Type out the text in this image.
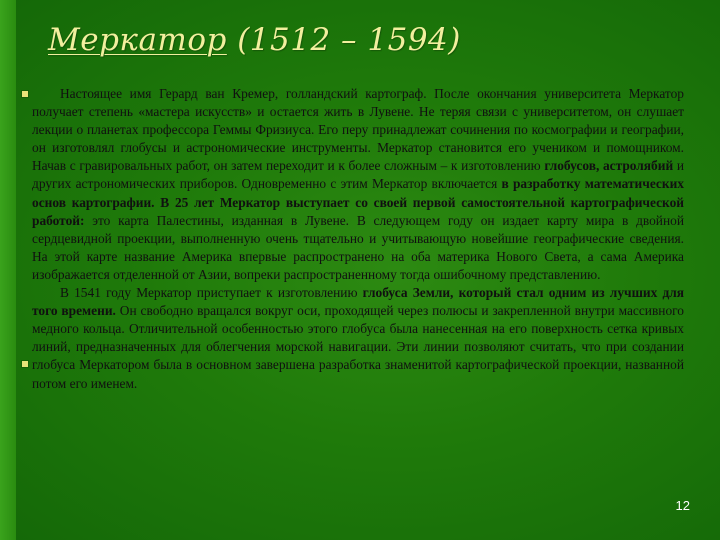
Меркатор (1512 – 1594)

Настоящее имя Герард ван Кремер, голландский картограф. После окончания университета Меркатор получает степень «мастера искусств» и остается жить в Лувене. Не теряя связи с университетом, он слушает лекции о планетах профессора Геммы Фризиуса. Его перу принадлежат сочинения по космографии и географии, он изготовлял глобусы и астрономические инструменты. Меркатор становится его учеником и помощником. Начав с гравировальных работ, он затем переходит и к более сложным – к изготовлению глобусов, астролябий и других астрономических приборов. Одновременно с этим Меркатор включается в разработку математических основ картографии. В 25 лет Меркатор выступает со своей первой самостоятельной картографической работой: это карта Палестины, изданная в Лувене. В следующем году он издает карту мира в двойной сердцевидной проекции, выполненную очень тщательно и учитывающую новейшие географические сведения. На этой карте название Америка впервые распространено на оба материка Нового Света, а сама Америка изображается отделенной от Азии, вопреки распространенному тогда ошибочному представлению.

В 1541 году Меркатор приступает к изготовлению глобуса Земли, который стал одним из лучших для того времени. Он свободно вращался вокруг оси, проходящей через полюсы и закрепленной внутри массивного медного кольца. Отличительной особенностью этого глобуса была нанесенная на его поверхность сетка кривых линий, предназначенных для облегчения морской навигации. Эти линии позволяют считать, что при создании глобуса Меркатором была в основном завершена разработка знаменитой картографической проекции, названной потом его именем.

12
